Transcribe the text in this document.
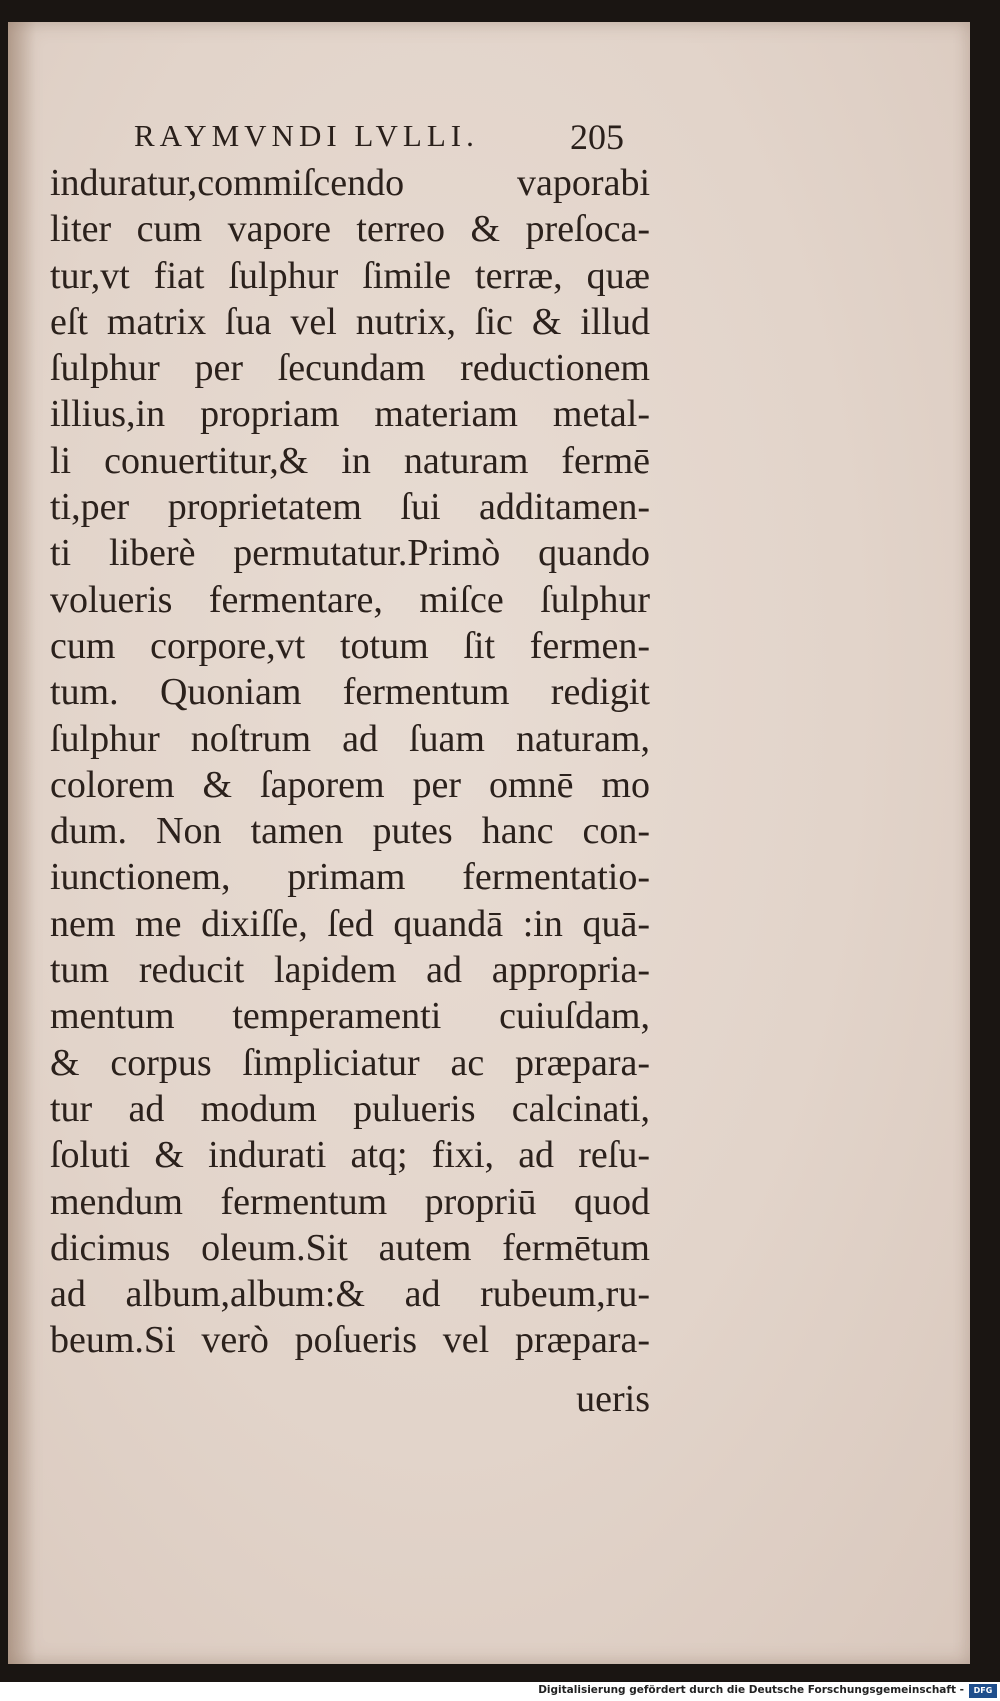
RAYMVNDI LVLLI.	205
induratur,commiſcendo vaporabi
liter cum vapore terreo & preſoca-
tur,vt fiat ſulphur ſimile terræ, quæ
eſt matrix ſua vel nutrix, ſic & illud
ſulphur per ſecundam reductionem
illius,in propriam materiam metal-
li conuertitur,& in naturam fermē
ti,per proprietatem ſui additamen-
ti liberè permutatur.Primò quando
volueris fermentare, miſce ſulphur
cum corpore,vt totum ſit fermen-
tum. Quoniam fermentum redigit
ſulphur noſtrum ad ſuam naturam,
colorem & ſaporem per omnē mo
dum. Non tamen putes hanc con-
iunctionem, primam fermentatio-
nem me dixiſſe, ſed quandā :in quā-
tum reducit lapidem ad appropria-
mentum temperamenti cuiuſdam,
& corpus ſimpliciatur ac præpara-
tur ad modum pulueris calcinati,
ſoluti & indurati atq; fixi, ad reſu-
mendum fermentum propriū quod
dicimus oleum.Sit autem fermētum
ad album,album:& ad rubeum,ru-
beum.Si verò poſueris vel præpara-
ueris
Digitalisierung gefördert durch die Deutsche Forschungsgemeinschaft -	DFG
